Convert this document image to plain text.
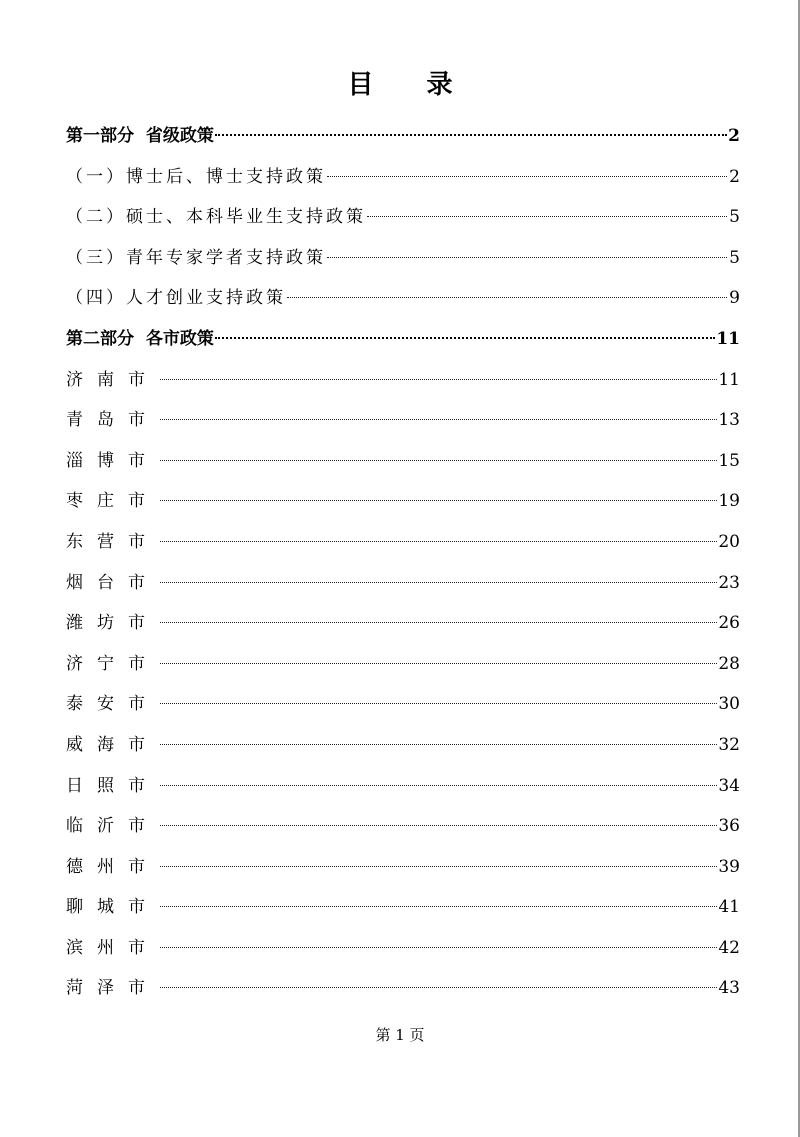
目 录
第一部分  省级政策	2
（一）博士后、博士支持政策	2
（二）硕士、本科毕业生支持政策	5
（三）青年专家学者支持政策	5
（四）人才创业支持政策	9
第二部分  各市政策	11
济南市	11
青岛市	13
淄博市	15
枣庄市	19
东营市	20
烟台市	23
潍坊市	26
济宁市	28
泰安市	30
威海市	32
日照市	34
临沂市	36
德州市	39
聊城市	41
滨州市	42
菏泽市	43
第 1 页
